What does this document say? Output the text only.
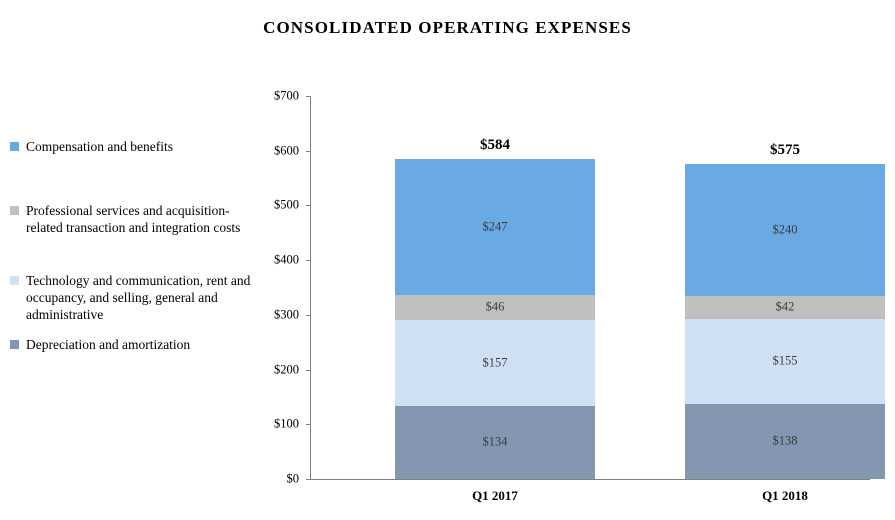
CONSOLIDATED OPERATING EXPENSES
Compensation and benefits
Professional services and acquisition-related transaction and integration costs
Technology and communication, rent and occupancy, and selling, general and administrative
Depreciation and amortization
$0
$100
$200
$300
$400
$500
$600
$700
$134
$157
$46
$247
$584
$138
$155
$42
$240
$575
Q1 2017	Q1 2018
